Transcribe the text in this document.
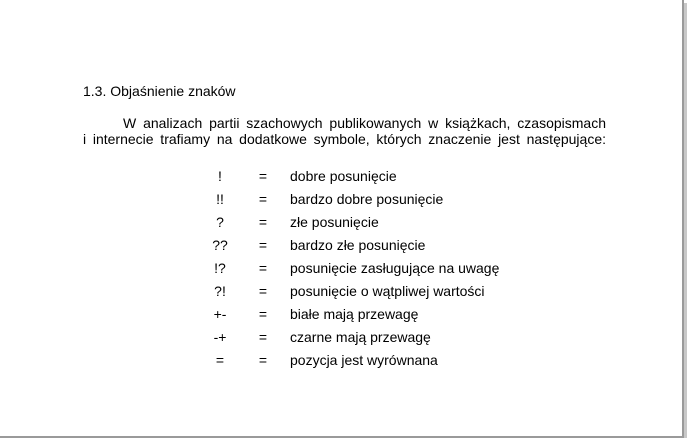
1.3. Objaśnienie znaków
W analizach partii szachowych publikowanych w książkach, czasopismach
i internecie trafiamy na dodatkowe symbole, których znaczenie jest następujące:
!	=	dobre posunięcie
!!	=	bardzo dobre posunięcie
?	=	złe posunięcie
??	=	bardzo złe posunięcie
!?	=	posunięcie zasługujące na uwagę
?!	=	posunięcie o wątpliwej wartości
+-	=	białe mają przewagę
-+	=	czarne mają przewagę
=	=	pozycja jest wyrównana
